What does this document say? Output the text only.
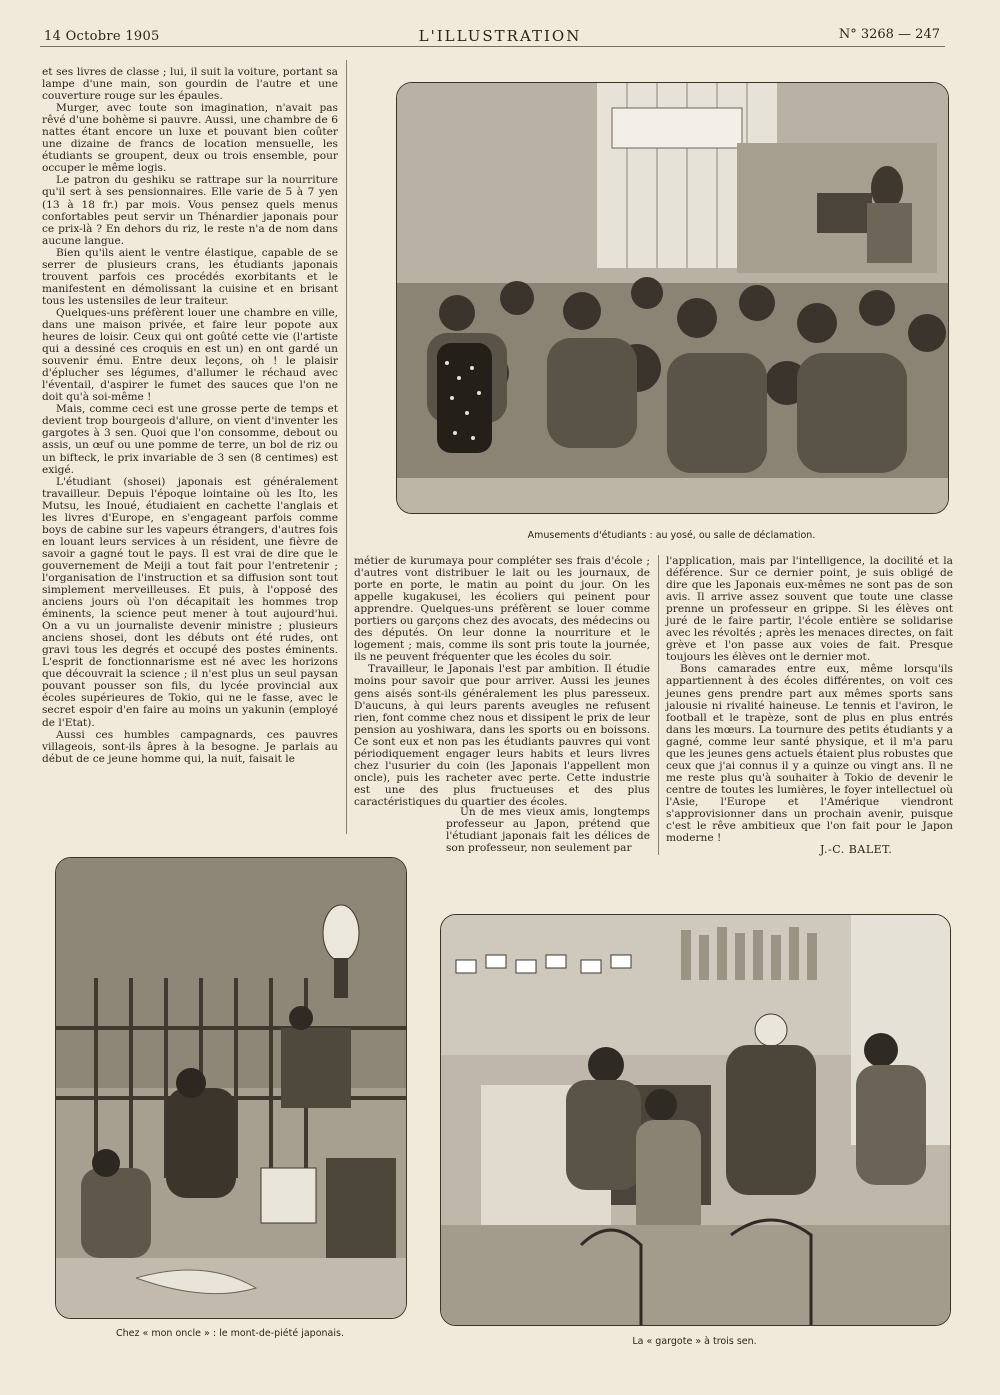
14 Octobre 1905	L'ILLUSTRATION	N° 3268 — 247

et ses livres de classe ; lui, il suit la voiture, portant sa lampe d'une main, son gourdin de l'autre et une couverture rouge sur les épaules.

Murger, avec toute son imagination, n'avait pas rêvé d'une bohème si pauvre. Aussi, une chambre de 6 nattes étant encore un luxe et pouvant bien coûter une dizaine de francs de location mensuelle, les étudiants se groupent, deux ou trois ensemble, pour occuper le même logis.

Le patron du geshiku se rattrape sur la nourriture qu'il sert à ses pensionnaires. Elle varie de 5 à 7 yen (13 à 18 fr.) par mois. Vous pensez quels menus confortables peut servir un Thénardier japonais pour ce prix-là ? En dehors du riz, le reste n'a de nom dans aucune langue.

Bien qu'ils aient le ventre élastique, capable de se serrer de plusieurs crans, les étudiants japonais trouvent parfois ces procédés exorbitants et le manifestent en démolissant la cuisine et en brisant tous les ustensiles de leur traiteur.

Quelques-uns préfèrent louer une chambre en ville, dans une maison privée, et faire leur popote aux heures de loisir. Ceux qui ont goûté cette vie (l'artiste qui a dessiné ces croquis en est un) en ont gardé un souvenir ému. Entre deux leçons, oh ! le plaisir d'éplucher ses légumes, d'allumer le réchaud avec l'éventail, d'aspirer le fumet des sauces que l'on ne doit qu'à soi-même !

Mais, comme ceci est une grosse perte de temps et devient trop bourgeois d'allure, on vient d'inventer les gargotes à 3 sen. Quoi que l'on consomme, debout ou assis, un œuf ou une pomme de terre, un bol de riz ou un bifteck, le prix invariable de 3 sen (8 centimes) est exigé.

L'étudiant (shosei) japonais est généralement travailleur. Depuis l'époque lointaine où les Ito, les Mutsu, les Inoué, étudiaient en cachette l'anglais et les livres d'Europe, en s'engageant parfois comme boys de cabine sur les vapeurs étrangers, d'autres fois en louant leurs services à un résident, une fièvre de savoir a gagné tout le pays. Il est vrai de dire que le gouvernement de Meiji a tout fait pour l'entretenir ; l'organisation de l'instruction et sa diffusion sont tout simplement merveilleuses. Et puis, à l'opposé des anciens jours où l'on décapitait les hommes trop éminents, la science peut mener à tout aujourd'hui. On a vu un journaliste devenir ministre ; plusieurs anciens shosei, dont les débuts ont été rudes, ont gravi tous les degrés et occupé des postes éminents. L'esprit de fonctionnarisme est né avec les horizons que découvrait la science ; il n'est plus un seul paysan pouvant pousser son fils, du lycée provincial aux écoles supérieures de Tokio, qui ne le fasse, avec le secret espoir d'en faire au moins un yakunin (employé de l'Etat).

Aussi ces humbles campagnards, ces pauvres villageois, sont-ils âpres à la besogne. Je parlais au début de ce jeune homme qui, la nuit, faisait le

Amusements d'étudiants : au yosé, ou salle de déclamation.

métier de kurumaya pour compléter ses frais d'école ; d'autres vont distribuer le lait ou les journaux, de porte en porte, le matin au point du jour. On les appelle kugakusei, les écoliers qui peinent pour apprendre. Quelques-uns préfèrent se louer comme portiers ou garçons chez des avocats, des médecins ou des députés. On leur donne la nourriture et le logement ; mais, comme ils sont pris toute la journée, ils ne peuvent fréquenter que les écoles du soir.

Travailleur, le Japonais l'est par ambition. Il étudie moins pour savoir que pour arriver. Aussi les jeunes gens aisés sont-ils généralement les plus paresseux. D'aucuns, à qui leurs parents aveugles ne refusent rien, font comme chez nous et dissipent le prix de leur pension au yoshiwara, dans les sports ou en boissons. Ce sont eux et non pas les étudiants pauvres qui vont périodiquement engager leurs habits et leurs livres chez l'usurier du coin (les Japonais l'appellent mon oncle), puis les racheter avec perte. Cette industrie est une des plus fructueuses et des plus caractéristiques du quartier des écoles.

Un de mes vieux amis, longtemps professeur au Japon, prétend que l'étudiant japonais fait les délices de son professeur, non seulement par

l'application, mais par l'intelligence, la docilité et la déférence. Sur ce dernier point, je suis obligé de dire que les Japonais eux-mêmes ne sont pas de son avis. Il arrive assez souvent que toute une classe prenne un professeur en grippe. Si les élèves ont juré de le faire partir, l'école entière se solidarise avec les révoltés ; après les menaces directes, on fait grève et l'on passe aux voies de fait. Presque toujours les élèves ont le dernier mot.

Bons camarades entre eux, même lorsqu'ils appartiennent à des écoles différentes, on voit ces jeunes gens prendre part aux mêmes sports sans jalousie ni rivalité haineuse. Le tennis et l'aviron, le football et le trapèze, sont de plus en plus entrés dans les mœurs. La tournure des petits étudiants y a gagné, comme leur santé physique, et il m'a paru que les jeunes gens actuels étaient plus robustes que ceux que j'ai connus il y a quinze ou vingt ans. Il ne me reste plus qu'à souhaiter à Tokio de devenir le centre de toutes les lumières, le foyer intellectuel où l'Asie, l'Europe et l'Amérique viendront s'approvisionner dans un prochain avenir, puisque c'est le rêve ambitieux que l'on fait pour le Japon moderne !

J.-C. BALET.
Chez « mon oncle » : le mont-de-piété japonais.
La « gargote » à trois sen.
